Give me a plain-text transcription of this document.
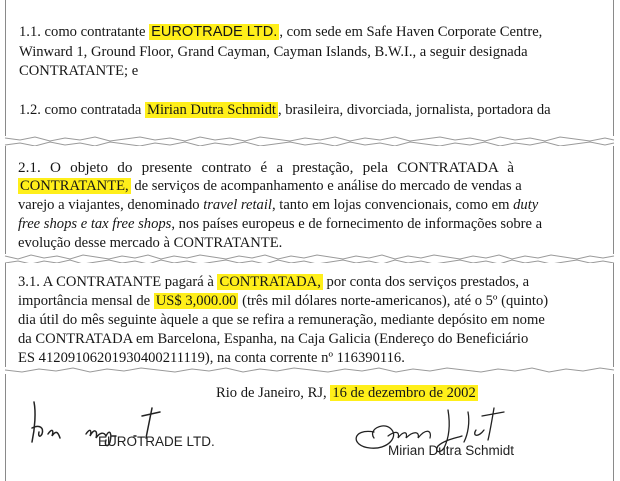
1.1. como contratante EUROTRADE LTD. , com sede em Safe Haven Corporate Centre,
Winward 1, Ground Floor, Grand Cayman, Cayman Islands, B.W.I., a seguir designada
CONTRATANTE; e
1.2. como contratada Mirian Dutra Schmidt , brasileira, divorciada, jornalista, portadora da
2.1. O objeto do presente contrato é a prestação, pela CONTRATADA à
CONTRATANTE, de serviços de acompanhamento e análise do mercado de vendas a
varejo a viajantes, denominado travel retail, tanto em lojas convencionais, como em duty
free shops e tax free shops, nos países europeus e de fornecimento de informações sobre a
evolução desse mercado à CONTRATANTE.
3.1. A CONTRATANTE pagará à CONTRATADA, por conta dos serviços prestados, a
importância mensal de US$ 3,000.00 (três mil dólares norte-americanos), até o 5º (quinto)
dia útil do mês seguinte àquele a que se refira a remuneração, mediante depósito em nome
da CONTRATADA em Barcelona, Espanha, na Caja Galicia (Endereço do Beneficiário
ES 41209106201930400211119), na conta corrente nº 116390116.
Rio de Janeiro, RJ, 16 de dezembro de 2002
EUROTRADE LTD.
Mirian Dutra Schmidt
